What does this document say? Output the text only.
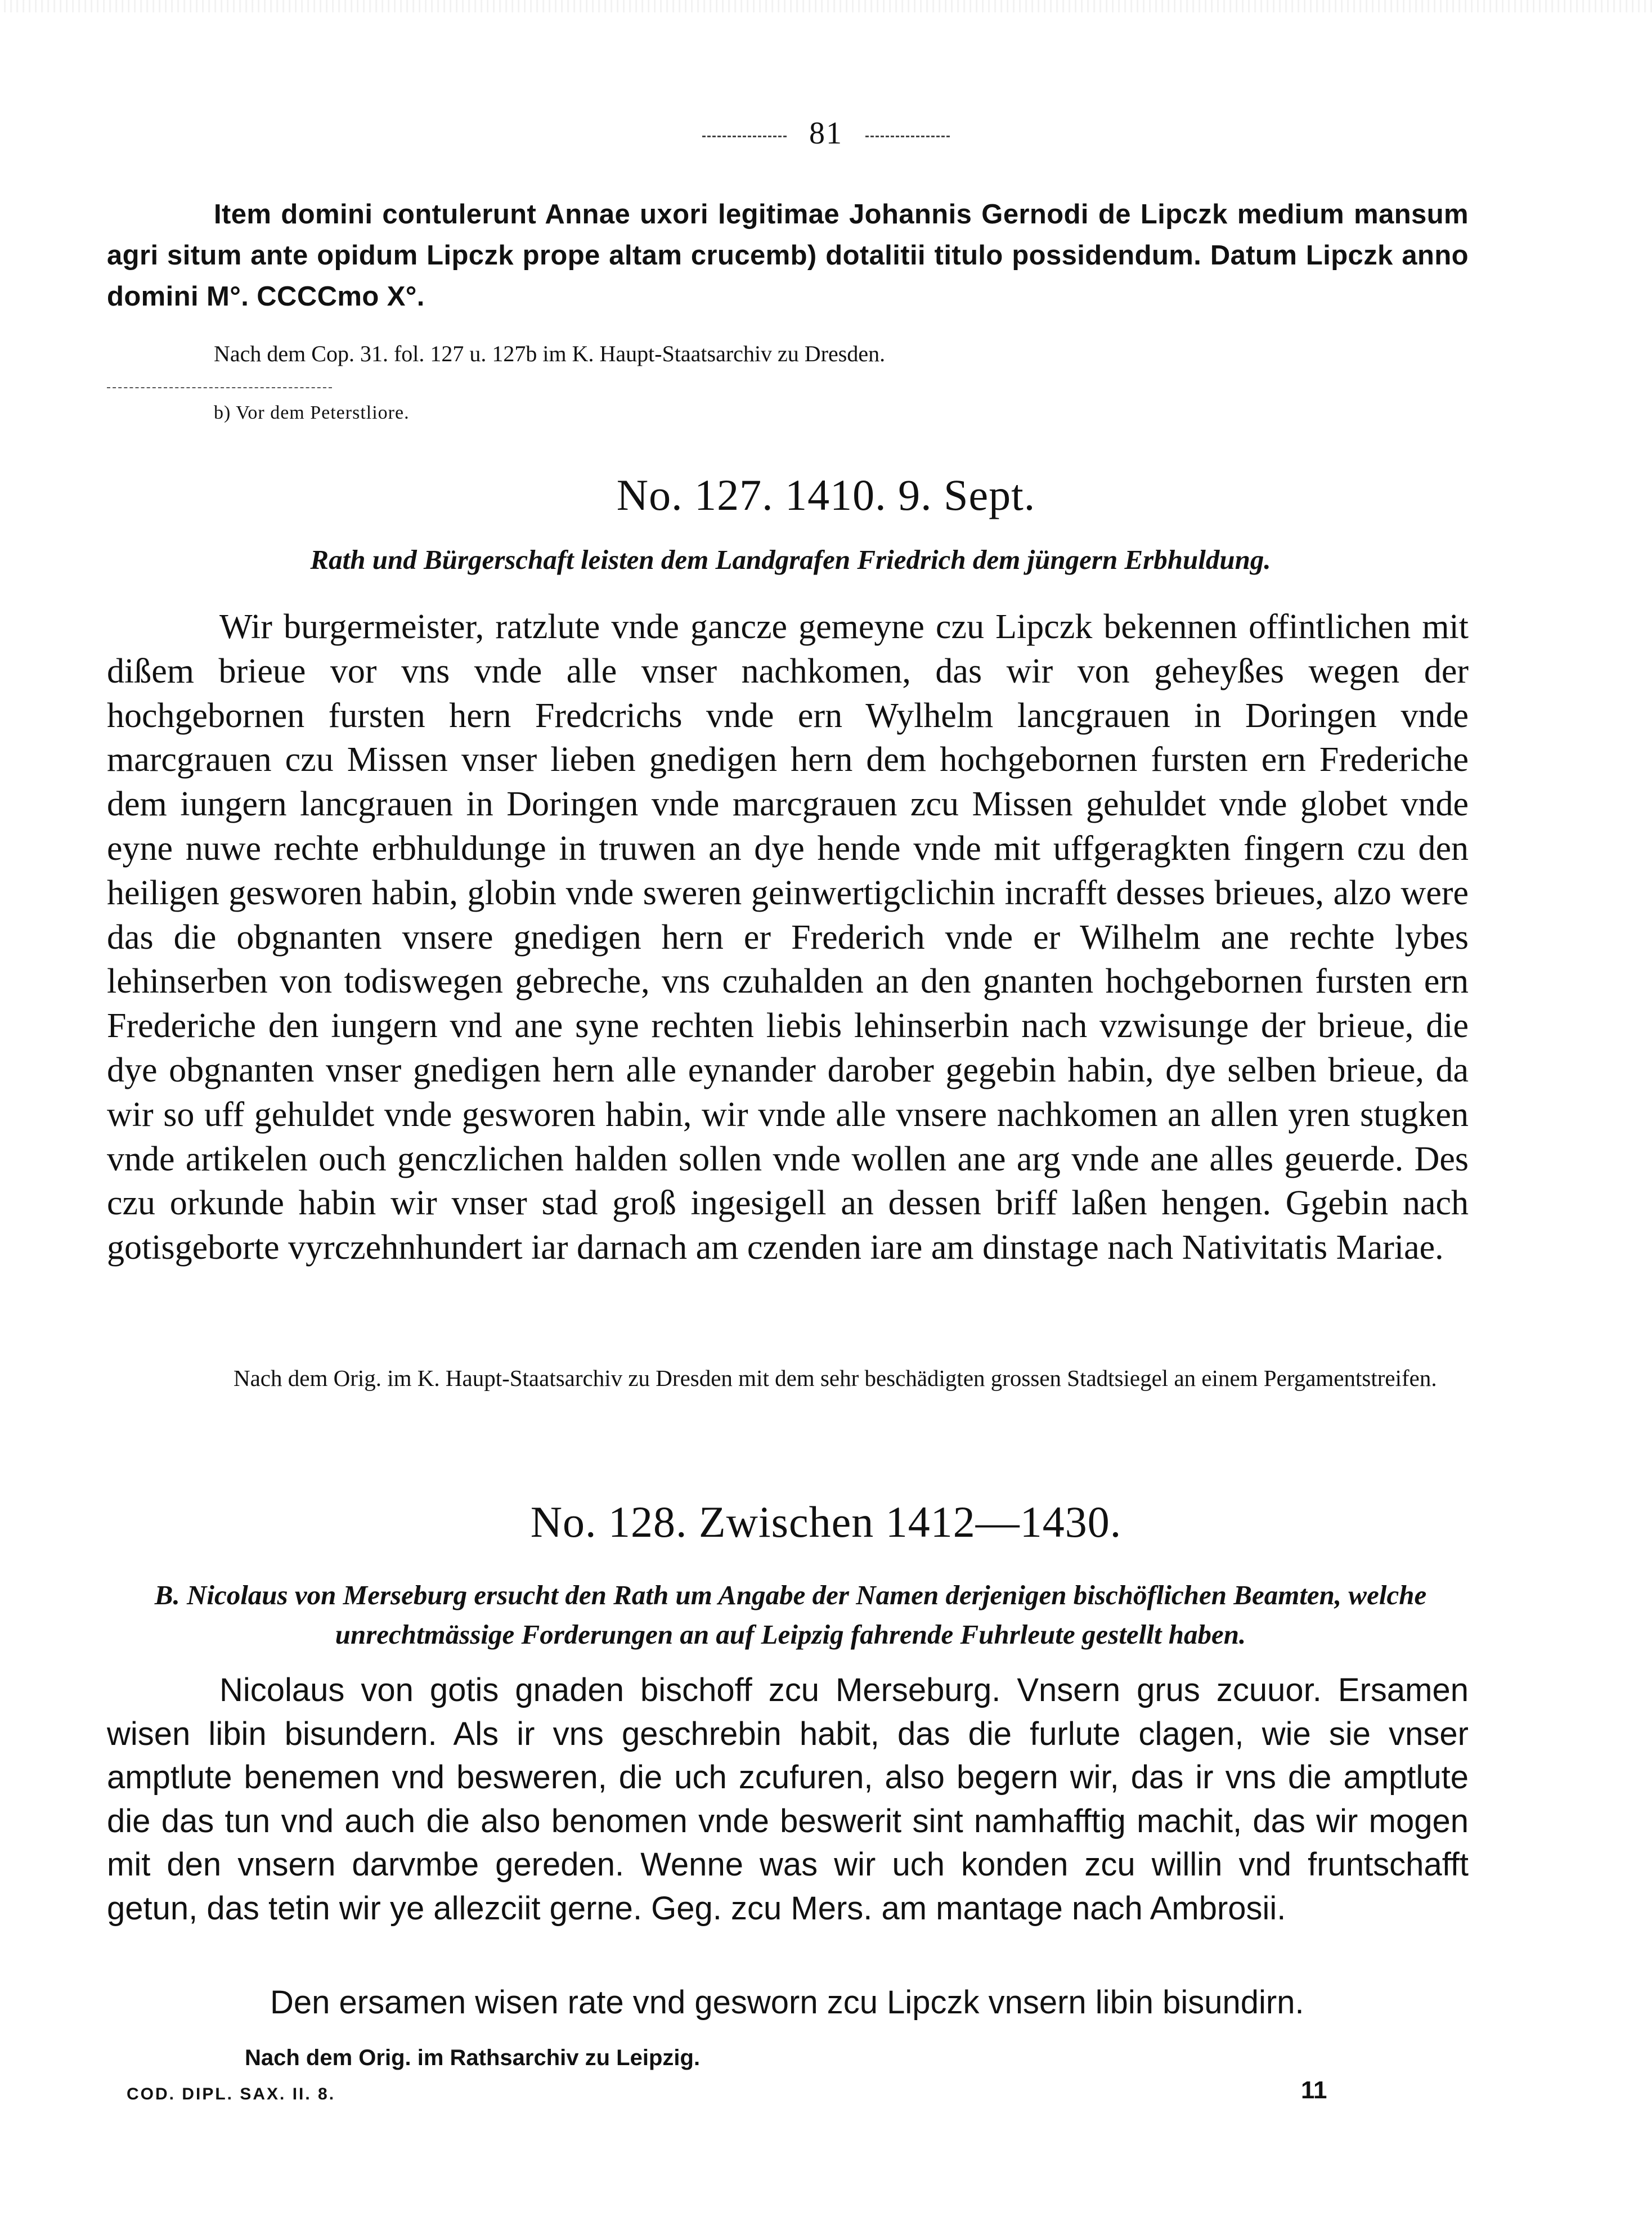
81
Item domini contulerunt Annae uxori legitimae Johannis Gernodi de Lipczk medium mansum agri situm ante opidum Lipczk prope altam crucemb) dotalitii titulo possidendum. Datum Lipczk anno domini M°. CCCCmo X°.
Nach dem Cop. 31. fol. 127 u. 127b im K. Haupt-Staatsarchiv zu Dresden.
b) Vor dem Peterstliore.
No. 127. 1410. 9. Sept.
Rath und Bürgerschaft leisten dem Landgrafen Friedrich dem jüngern Erbhuldung.
Wir burgermeister, ratzlute vnde gancze gemeyne czu Lipczk bekennen offintlichen mit dißem brieue vor vns vnde alle vnser nachkomen, das wir von geheyßes wegen der hochgebornen fursten hern Fredcrichs vnde ern Wylhelm lancgrauen in Doringen vnde marcgrauen czu Missen vnser lieben gnedigen hern dem hochgebornen fursten ern Frederiche dem iungern lancgrauen in Doringen vnde marcgrauen zcu Missen gehuldet vnde globet vnde eyne nuwe rechte erbhuldunge in truwen an dye hende vnde mit uffgeragkten fingern czu den heiligen gesworen habin, globin vnde sweren geinwertigclichin incrafft desses brieues, alzo were das die obgnanten vnsere gnedigen hern er Frederich vnde er Wilhelm ane rechte lybes lehinserben von todiswegen gebreche, vns czuhalden an den gnanten hochgebornen fursten ern Frederiche den iungern vnd ane syne rechten liebis lehinserbin nach vzwisunge der brieue, die dye obgnanten vnser gnedigen hern alle eynander darober gegebin habin, dye selben brieue, da wir so uff gehuldet vnde gesworen habin, wir vnde alle vnsere nachkomen an allen yren stugken vnde artikelen ouch genczlichen halden sollen vnde wollen ane arg vnde ane alles geuerde. Des czu orkunde habin wir vnser stad groß ingesigell an dessen briff laßen hengen. Ggebin nach gotisgeborte vyrczehnhundert iar darnach am czenden iare am dinstage nach Nativitatis Mariae.
Nach dem Orig. im K. Haupt-Staatsarchiv zu Dresden mit dem sehr beschädigten grossen Stadtsiegel an einem Pergamentstreifen.
No. 128. Zwischen 1412—1430.
B. Nicolaus von Merseburg ersucht den Rath um Angabe der Namen derjenigen bischöflichen Beamten, welche unrechtmässige Forderungen an auf Leipzig fahrende Fuhrleute gestellt haben.
Nicolaus von gotis gnaden bischoff zcu Merseburg. Vnsern grus zcuuor. Ersamen wisen libin bisundern. Als ir vns geschrebin habit, das die furlute clagen, wie sie vnser amptlute benemen vnd besweren, die uch zcufuren, also begern wir, das ir vns die amptlute die das tun vnd auch die also benomen vnde beswerit sint namhafftig machit, das wir mogen mit den vnsern darvmbe gereden. Wenne was wir uch konden zcu willin vnd fruntschafft getun, das tetin wir ye allezciit gerne. Geg. zcu Mers. am mantage nach Ambrosii.
Den ersamen wisen rate vnd gesworn zcu Lipczk vnsern libin bisundirn.
Nach dem Orig. im Rathsarchiv zu Leipzig.
COD. DIPL. SAX. II. 8.	11
